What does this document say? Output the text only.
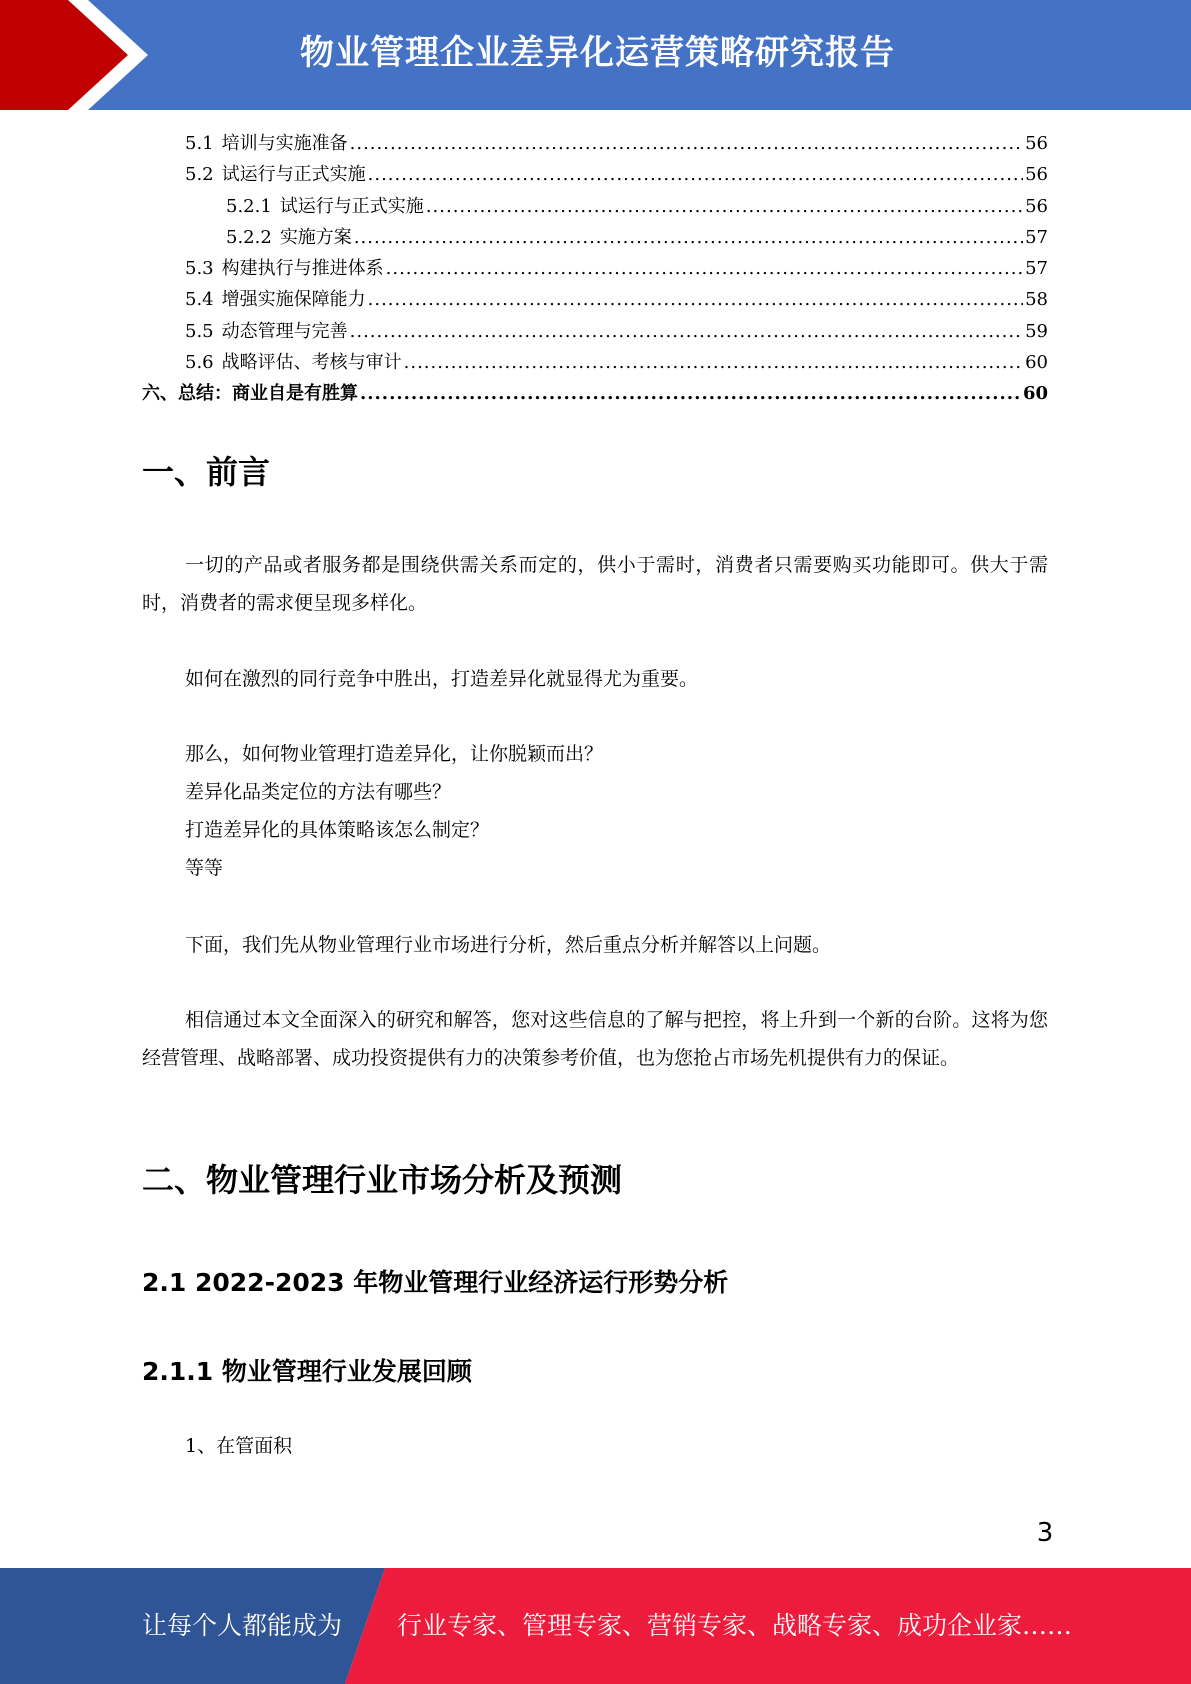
物业管理企业差异化运营策略研究报告
5.1 培训与实施准备 .....	56
5.2 试运行与正式实施 .....	56
5.2.1 试运行与正式实施 .....	56
5.2.2 实施方案 .....	57
5.3 构建执行与推进体系 .....	57
5.4 增强实施保障能力 .....	58
5.5 动态管理与完善 .....	59
5.6 战略评估、考核与审计 .....	60
六、总结：商业自是有胜算 .....	60
一、前言
一切的产品或者服务都是围绕供需关系而定的，供小于需时，消费者只需要购买功能即可。供大于需时，消费者的需求便呈现多样化。
如何在激烈的同行竞争中胜出，打造差异化就显得尤为重要。
那么，如何物业管理打造差异化，让你脱颖而出？
差异化品类定位的方法有哪些？
打造差异化的具体策略该怎么制定？
等等
下面，我们先从物业管理行业市场进行分析，然后重点分析并解答以上问题。
相信通过本文全面深入的研究和解答，您对这些信息的了解与把控，将上升到一个新的台阶。这将为您经营管理、战略部署、成功投资提供有力的决策参考价值，也为您抢占市场先机提供有力的保证。
二、物业管理行业市场分析及预测
2.1 2022-2023 年物业管理行业经济运行形势分析
2.1.1 物业管理行业发展回顾
1、在管面积
3
让每个人都能成为 行业专家、管理专家、营销专家、战略专家、成功企业家……
